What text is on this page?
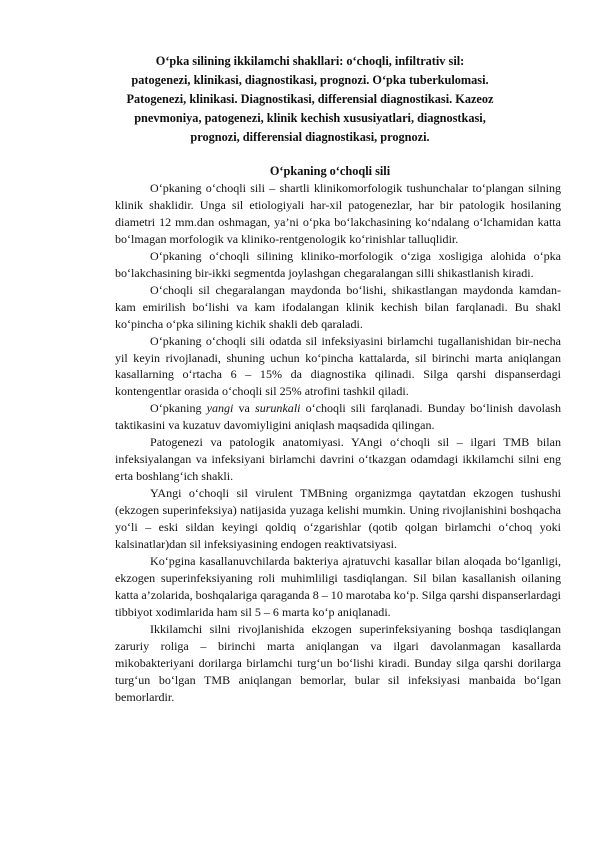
O‘pka silining ikkilamchi shakllari: o‘choqli, infiltrativ sil:

patogenezi, klinikasi, diagnostikasi, prognozi. O‘pka tuberkulomasi.

Patogenezi, klinikasi. Diagnostikasi, differensial diagnostikasi. Kazeoz

pnevmoniya, patogenezi, klinik kechish xususiyatlari, diagnostkasi,

prognozi, differensial diagnostikasi, prognozi.

O‘pkaning o‘choqli sili

O‘pkaning o‘choqli sili – shartli klinikomorfologik tushunchalar to‘plangan silning klinik shaklidir. Unga sil etiologiyali har-xil patogenezlar, har bir patologik hosilaning diametri 12 mm.dan oshmagan, ya’ni o‘pka bo‘lakchasining ko‘ndalang o‘lchamidan katta bo‘lmagan morfologik va kliniko-rentgenologik ko‘rinishlar talluqlidir.

O‘pkaning o‘choqli silining kliniko-morfologik o‘ziga xosligiga alohida o‘pka bo‘lakchasining bir-ikki segmentda joylashgan chegaralangan silli shikastlanish kiradi.

O‘choqli sil chegaralangan maydonda bo‘lishi, shikastlangan maydonda kamdan-kam emirilish bo‘lishi va kam ifodalangan klinik kechish bilan farqlanadi. Bu shakl ko‘pincha o‘pka silining kichik shakli deb qaraladi.

O‘pkaning o‘choqli sili odatda sil infeksiyasini birlamchi tugallanishidan bir-necha yil keyin rivojlanadi, shuning uchun ko‘pincha kattalarda, sil birinchi marta aniqlangan kasallarning o‘rtacha 6 – 15% da diagnostika qilinadi. Silga qarshi dispanserdagi kontengentlar orasida o‘choqli sil 25% atrofini tashkil qiladi.

O‘pkaning yangi va surunkali o‘choqli sili farqlanadi. Bunday bo‘linish davolash taktikasini va kuzatuv davomiyligini aniqlash maqsadida qilingan.

Patogenezi va patologik anatomiyasi. YAngi o‘choqli sil – ilgari TMB bilan infeksiyalangan va infeksiyani birlamchi davrini o‘tkazgan odamdagi ikkilamchi silni eng erta boshlang‘ich shakli.

YAngi o‘choqli sil virulent TMBning organizmga qaytatdan ekzogen tushushi (ekzogen superinfeksiya) natijasida yuzaga kelishi mumkin. Uning rivojlanishini boshqacha yo‘li – eski sildan keyingi qoldiq o‘zgarishlar (qotib qolgan birlamchi o‘choq yoki kalsinatlar)dan sil infeksiyasining endogen reaktivatsiyasi.

Ko‘pgina kasallanuvchilarda bakteriya ajratuvchi kasallar bilan aloqada bo‘lganligi, ekzogen superinfeksiyaning roli muhimliligi tasdiqlangan. Sil bilan kasallanish oilaning katta a’zolarida, boshqalariga qaraganda 8 – 10 marotaba ko‘p. Silga qarshi dispanserlardagi tibbiyot xodimlarida ham sil 5 – 6 marta ko‘p aniqlanadi.

Ikkilamchi silni rivojlanishida ekzogen superinfeksiyaning boshqa tasdiqlangan zaruriy roliga – birinchi marta aniqlangan va ilgari davolanmagan kasallarda mikobakteriyani dorilarga birlamchi turg‘un bo‘lishi kiradi. Bunday silga qarshi dorilarga turg‘un bo‘lgan TMB aniqlangan bemorlar, bular sil infeksiyasi manbaida bo‘lgan bemorlardir.
